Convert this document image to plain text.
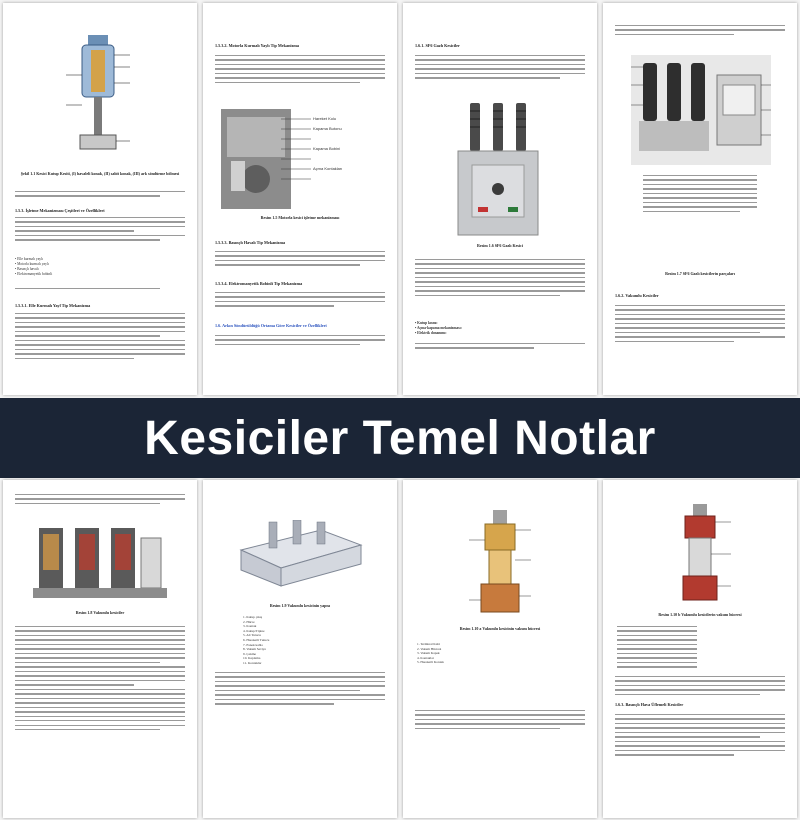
Şekil 1.1 Kesici Kutup Kesiti, (I) havaleli konak, (II) sabit konak, (III) ark söndürme bölmesi
1.5.3. İşletme Mekanizması Çeşitleri ve Özellikleri
• Elle kurmalı yaylı
• Motorla kurmalı yaylı
• Basınçlı havalı
• Elektromanyetik bobinli
1.5.3.1. Elle Kurmalı Yayl Tip Mekanizma
1.5.3.2. Motorla Kurmalı Yaylı Tip Mekanizma
Hareket Kolu
Kapama Butonu
Kapama Bobini
Açma Kontakları
Resim 1.5 Motorla kesici işletme mekanizması
1.5.3.3. Basınçlı Havalı Tip Mekanizma
1.5.3.4. Elektromanyetik Bobinli Tip Mekanizma
1.6. Arkın Söndürüldüğü Ortama Göre Kesiciler ve Özellikleri
1.6.1. SF6 Gazlı Kesiciler
Resim 1.6 SF6 Gazlı Kesici
• Kutup kısmı:
• Açma-kapama mekanizması:
• Elektrik donanımı:
Resim 1.7 SF6 Gazlı kesicilerin parçaları
1.6.2. Vakumlu Kesiciler
Kesiciler Temel Notlar
Resim 1.8 Vakumlu kesiciler
Resim 1.9 Vakumlu kesicinin yapısı
1. Kutup çıkış
2. Hücre
3. Kontak
4. Kutup/Tipine
5. Alt Tutucu
6. Hareketli Tutucu
7. Esnek kablo
8. Vakum Seviye
9. Çekme
10. Kaplama
11. Kontaklar
Resim 1.10 a Vakumlu kesicinin vakum hücresi
1. Terminal Kabi
2. Vakum Hücresi
3. Vakum Kapak
4. Kontaklar
5. Hareketli Kontak
Resim 1.10 b Vakumlu kesicilerin vakum hücresi
1.6.3. Basınçlı Hava Üflemeli Kesiciler
